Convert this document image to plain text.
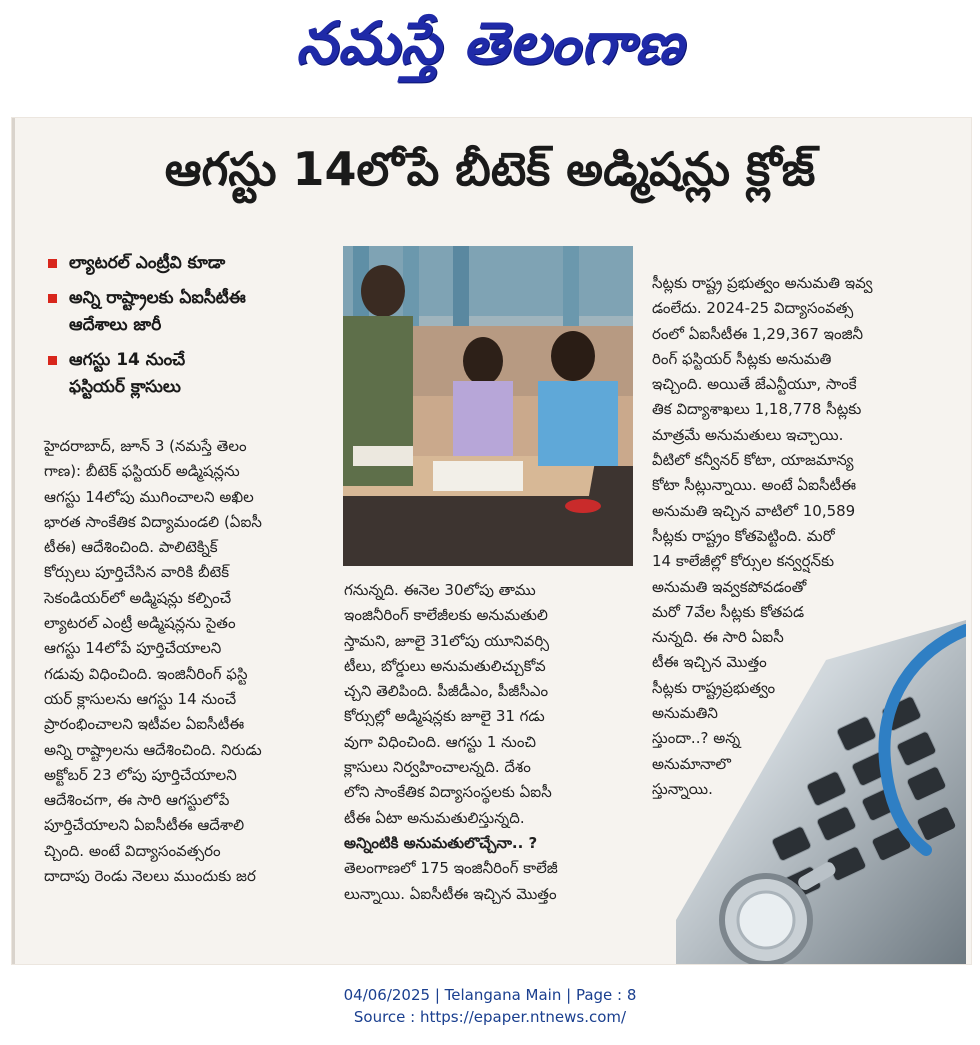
నమస్తే తెలంగాణ
ఆగస్టు 14లోపే బీటెక్ అడ్మిషన్లు క్లోజ్
ల్యాటరల్ ఎంట్రీవి కూడా
అన్ని రాష్ట్రాలకు ఏఐసీటీఈ
ఆదేశాలు జారీ
ఆగస్టు 14 నుంచే
ఫస్టియర్ క్లాసులు
హైదరాబాద్, జూన్ 3 (నమస్తే తెలం
గాణ): బీటెక్ ఫస్టియర్ అడ్మిషన్లను
ఆగస్టు 14లోపు ముగించాలని అఖిల
భారత సాంకేతిక విద్యామండలి (ఏఐసీ
టీఈ) ఆదేశించింది. పాలిటెక్నిక్
కోర్సులు పూర్తిచేసిన వారికి బీటెక్
సెకండియర్‌లో అడ్మిషన్లు కల్పించే
ల్యాటరల్ ఎంట్రీ అడ్మిషన్లను సైతం
ఆగస్టు 14లోపే పూర్తిచేయాలని
గడువు విధించింది. ఇంజినీరింగ్ ఫస్టి
యర్ క్లాసులను ఆగస్టు 14 నుంచే
ప్రారంభించాలని ఇటీవల ఏఐసీటీఈ
అన్ని రాష్ట్రాలను ఆదేశించింది. నిరుడు
అక్టోబర్ 23 లోపు పూర్తిచేయాలని
ఆదేశించగా, ఈ సారి ఆగస్టులోపే
పూర్తిచేయాలని ఏఐసీటీఈ ఆదేశాలి
చ్చింది. అంటే విద్యాసంవత్సరం
దాదాపు రెండు నెలలు ముందుకు జర
గనున్నది. ఈనెల 30లోపు తాము
ఇంజినీరింగ్ కాలేజీలకు అనుమతులి
స్తామని, జూలై 31లోపు యూనివర్సి
టీలు, బోర్డులు అనుమతులిచ్చుకోవ
చ్చని తెలిపింది. పీజీడీఎం, పీజీసీఎం
కోర్సుల్లో అడ్మిషన్లకు జూలై 31 గడు
వుగా విధించింది. ఆగస్టు 1 నుంచి
క్లాసులు నిర్వహించాలన్నది. దేశం
లోని సాంకేతిక విద్యాసంస్థలకు ఏఐసీ
టీఈ ఏటా అనుమతులిస్తున్నది.
అన్నింటికి అనుమతులొచ్చేనా.. ?
తెలంగాణలో 175 ఇంజినీరింగ్ కాలేజీ
లున్నాయి. ఏఐసీటీఈ ఇచ్చిన మొత్తం
సీట్లకు రాష్ట్ర ప్రభుత్వం అనుమతి ఇవ్వ
డంలేదు. 2024-25 విద్యాసంవత్స
రంలో ఏఐసీటీఈ 1,29,367 ఇంజినీ
రింగ్ ఫస్టియర్ సీట్లకు అనుమతి
ఇచ్చింది. అయితే జేఎన్టీయూ, సాంకే
తిక విద్యాశాఖలు 1,18,778 సీట్లకు
మాత్రమే అనుమతులు ఇచ్చాయి.
వీటిలో కన్వీనర్ కోటా, యాజమాన్య
కోటా సీట్లున్నాయి. అంటే ఏఐసీటీఈ
అనుమతి ఇచ్చిన వాటిలో 10,589
సీట్లకు రాష్ట్రం కోతపెట్టింది. మరో
14 కాలేజీల్లో కోర్సుల కన్వర్షన్‌కు
అనుమతి ఇవ్వకపోవడంతో
మరో 7వేల సీట్లకు కోతపడ
నున్నది. ఈ సారి ఏఐసీ
టీఈ ఇచ్చిన మొత్తం
సీట్లకు రాష్ట్రప్రభుత్వం
అనుమతిని
స్తుందా..? అన్న
అనుమానాలొ
స్తున్నాయి.
04/06/2025 | Telangana Main | Page : 8
Source : https://epaper.ntnews.com/
